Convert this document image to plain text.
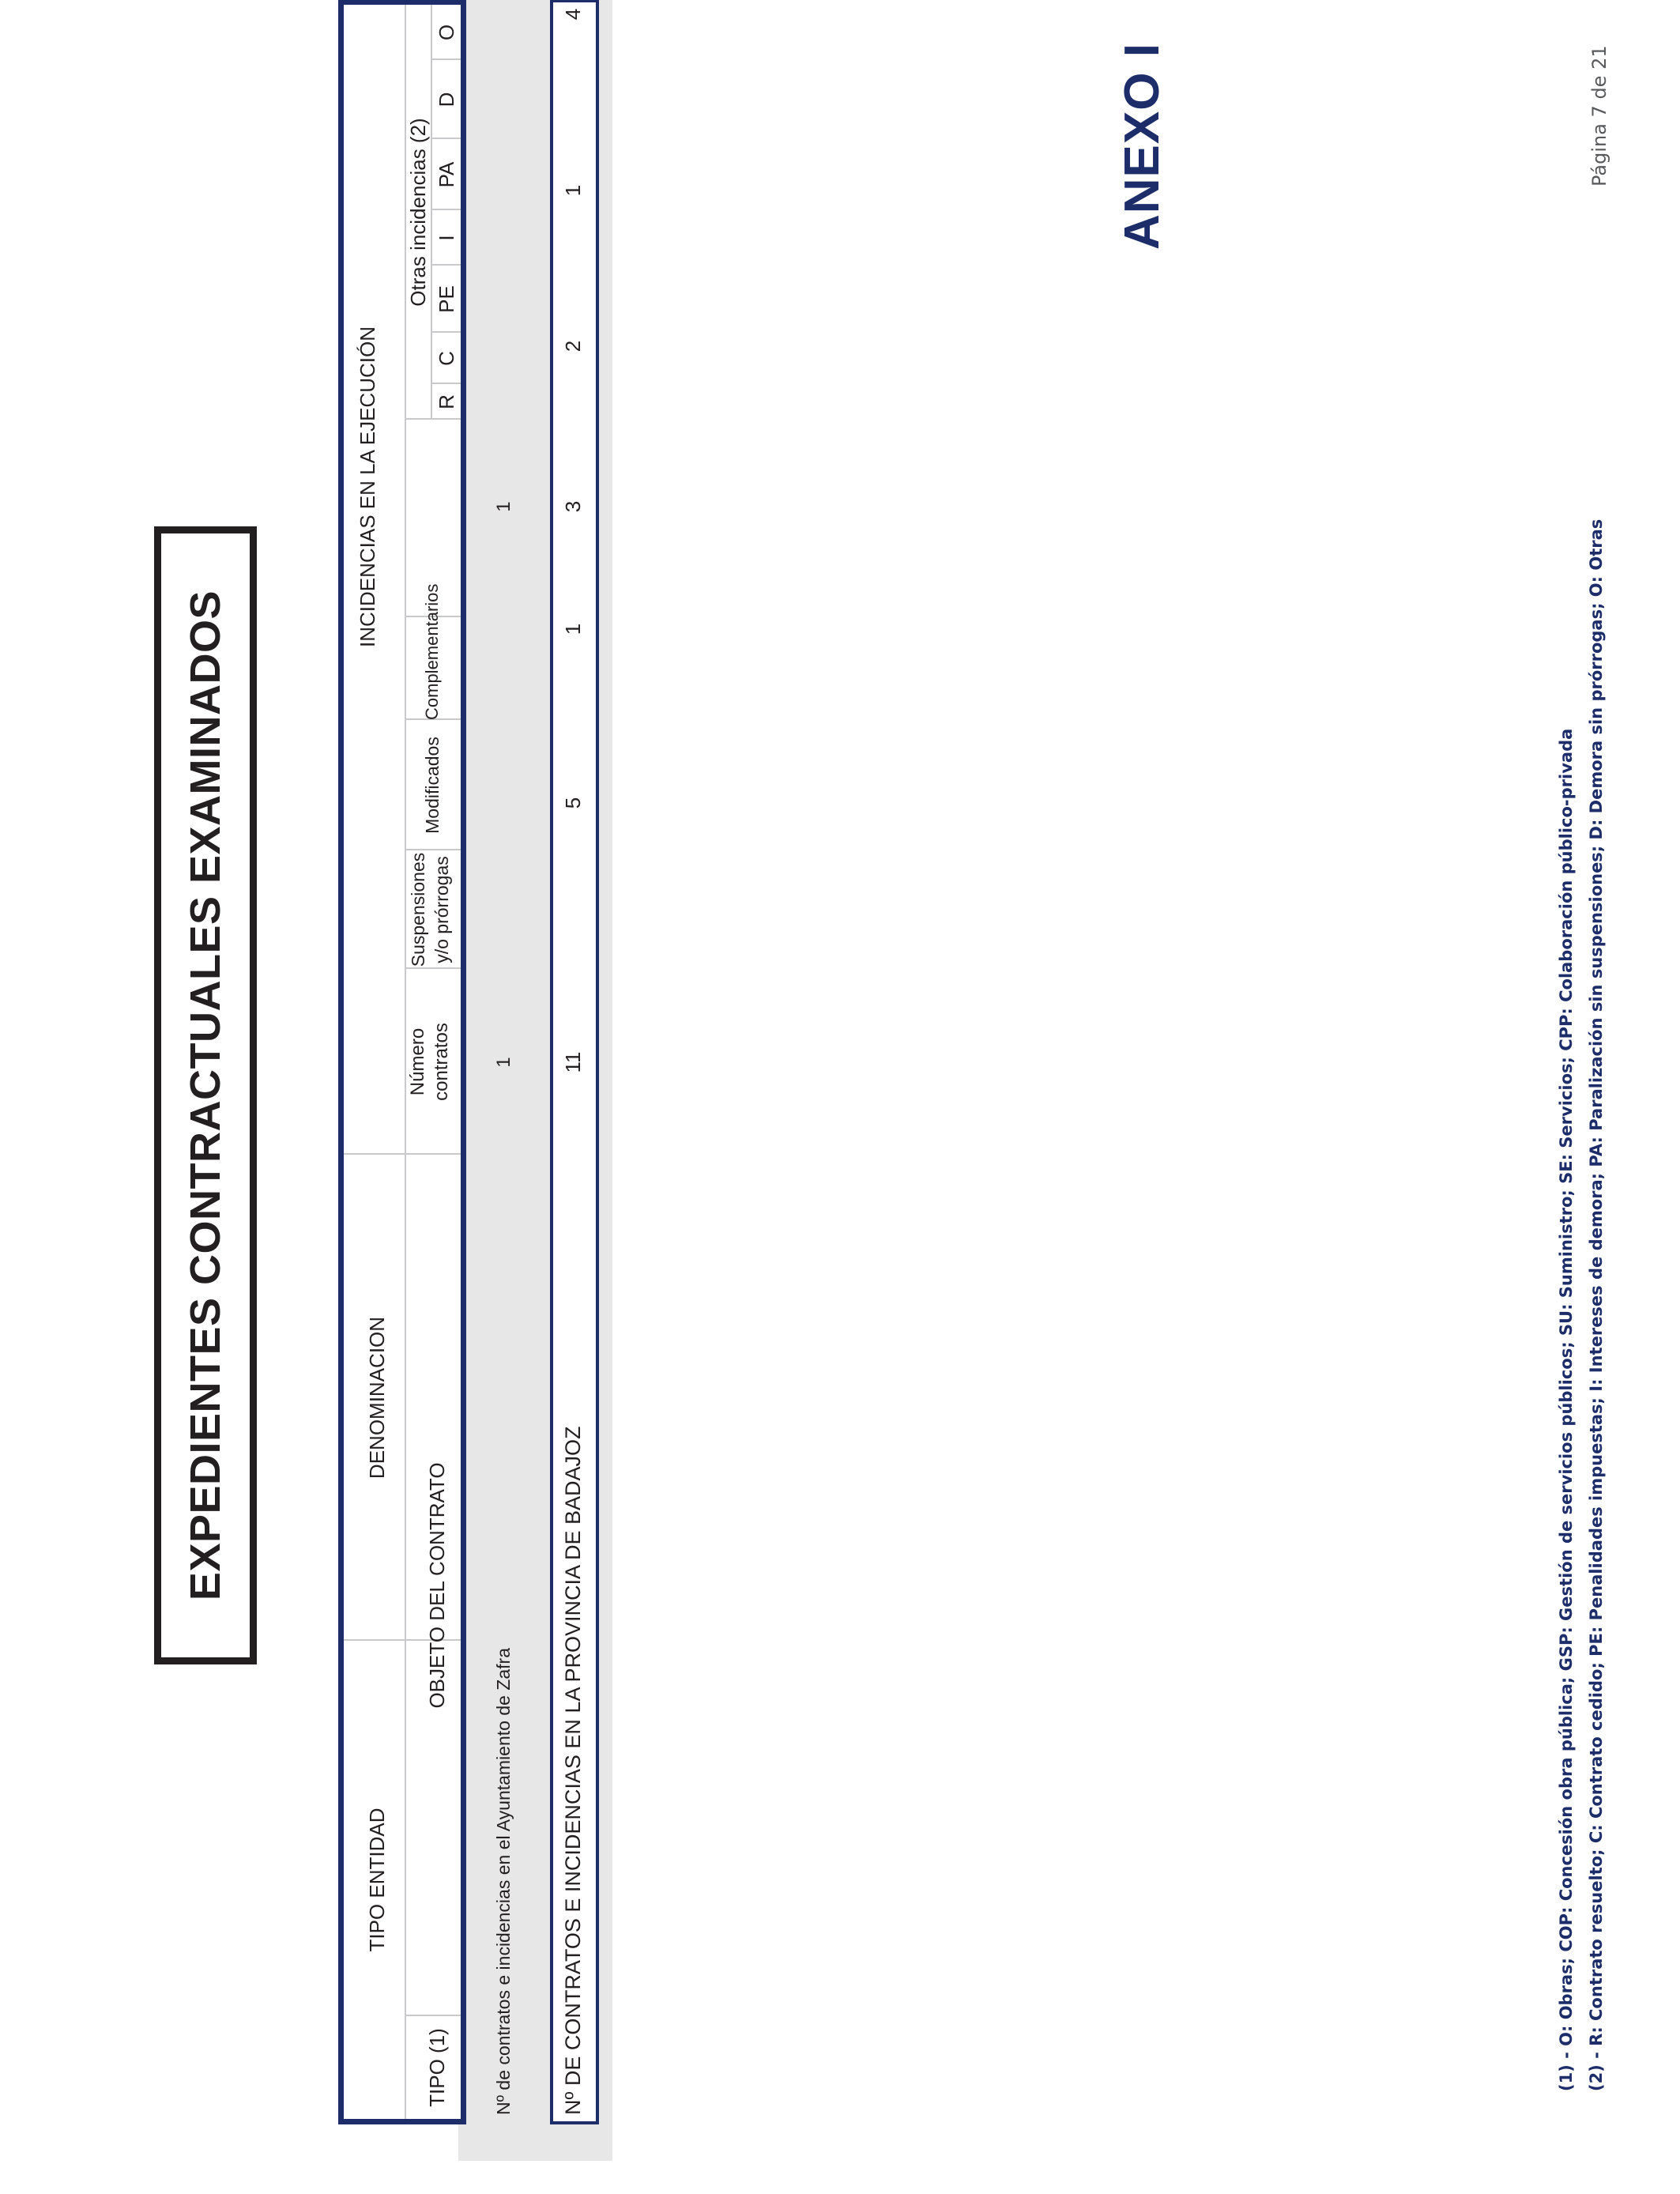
ANEXO I
EXPEDIENTES CONTRACTUALES EXAMINADOS
TIPO ENTIDAD
DENOMINACION
INCIDENCIAS EN LA EJECUCIÓN
TIPO (1)
OBJETO DEL CONTRATO
Número contratos
Suspensiones y/o prórrogas
Modificados
Complementarios
Otras incidencias (2)
R
C
PE
I
PA
D
O
Nº de contratos e incidencias en el Ayuntamiento de Zafra
1
1
Nº DE CONTRATOS E INCIDENCIAS EN LA PROVINCIA DE BADAJOZ
11
5
1
3
2
1
4
(1) - O: Obras; COP: Concesión obra pública; GSP: Gestión de servicios públicos; SU: Suministro; SE: Servicios; CPP: Colaboración público-privada (2) - R: Contrato resuelto; C: Contrato cedido; PE: Penalidades impuestas; I: Intereses de demora; PA: Paralización sin suspensiones; D: Demora sin prórrogas; O: Otras
Página 7 de 21
